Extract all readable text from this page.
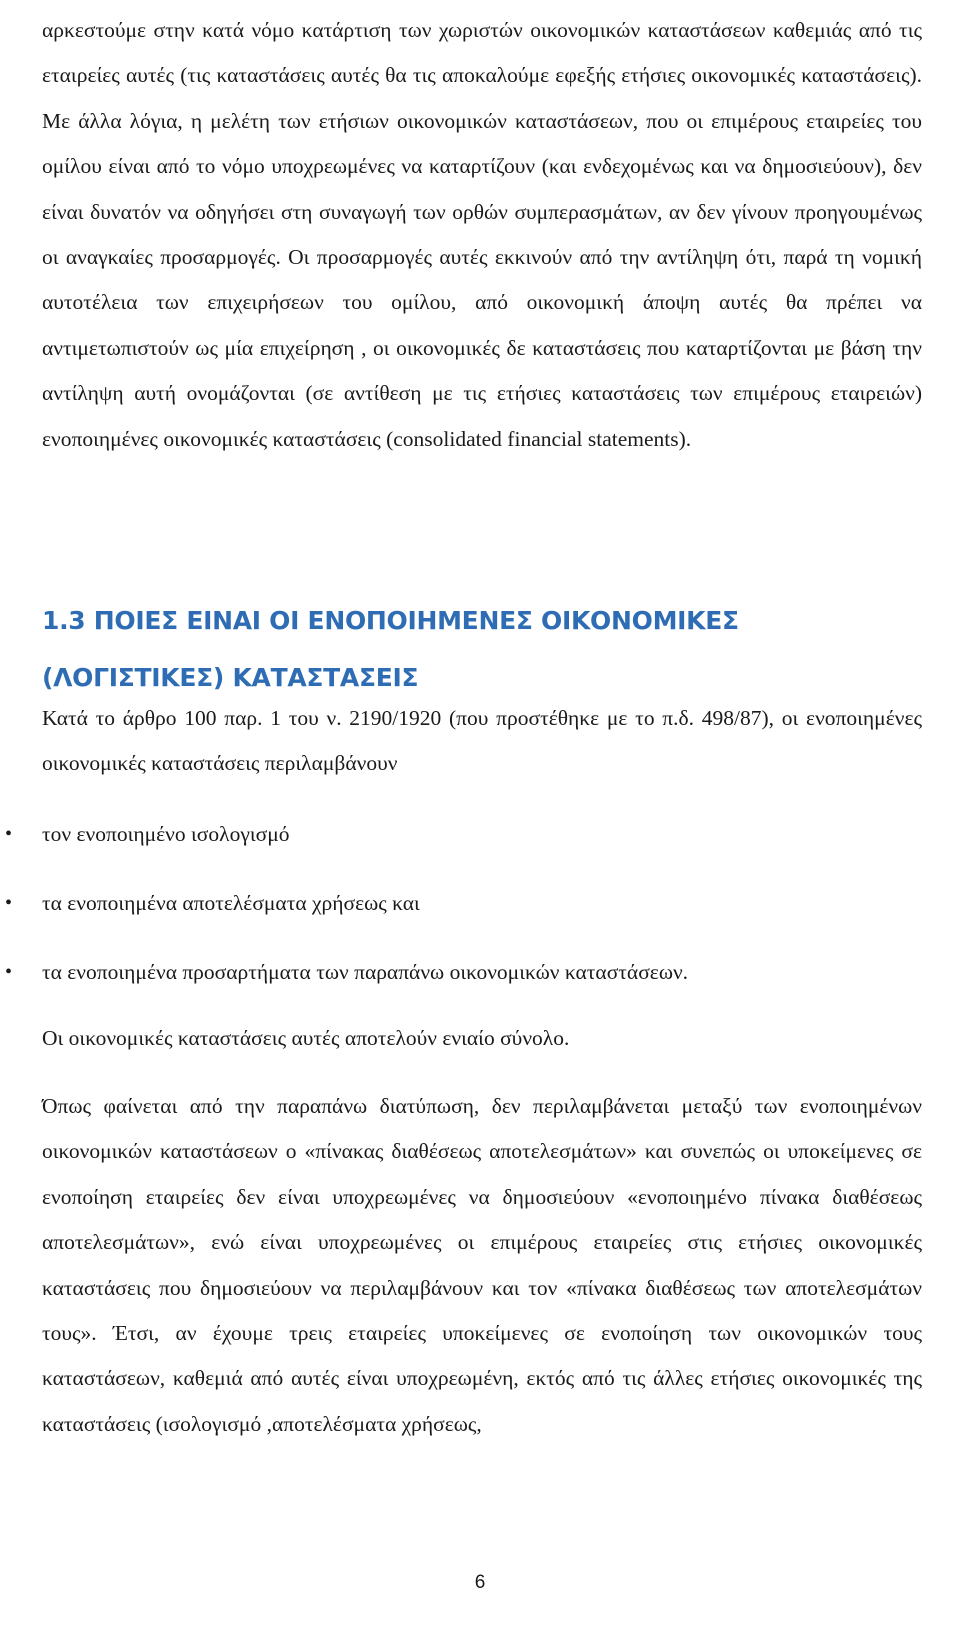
αρκεστούμε στην κατά νόμο κατάρτιση των χωριστών οικονομικών καταστάσεων καθεμιάς από τις εταιρείες αυτές (τις καταστάσεις αυτές θα τις αποκαλούμε εφεξής ετήσιες οικονομικές καταστάσεις). Με άλλα λόγια, η μελέτη των ετήσιων οικονομικών καταστάσεων, που οι επιμέρους εταιρείες του ομίλου είναι από το νόμο υποχρεωμένες να καταρτίζουν (και ενδεχομένως και να δημοσιεύουν), δεν είναι δυνατόν να οδηγήσει στη συναγωγή των ορθών συμπερασμάτων, αν δεν γίνουν προηγουμένως οι αναγκαίες προσαρμογές. Οι προσαρμογές αυτές εκκινούν από την αντίληψη ότι, παρά τη νομική αυτοτέλεια των επιχειρήσεων του ομίλου, από οικονομική άποψη αυτές θα πρέπει να αντιμετωπιστούν ως μία επιχείρηση , οι οικονομικές δε καταστάσεις που καταρτίζονται με βάση την αντίληψη αυτή ονομάζονται (σε αντίθεση με τις ετήσιες καταστάσεις των επιμέρους εταιρειών) ενοποιημένες οικονομικές καταστάσεις (consolidated financial statements).

1.3 ΠΟΙΕΣ ΕΙΝΑΙ ΟΙ ΕΝΟΠΟΙΗΜΕΝΕΣ ΟΙΚΟΝΟΜΙΚΕΣ
(ΛΟΓΙΣΤΙΚΕΣ) ΚΑΤΑΣΤΑΣΕΙΣ

Κατά το άρθρο 100 παρ. 1 του ν. 2190/1920 (που προστέθηκε με το π.δ. 498/87), οι ενοποιημένες οικονομικές καταστάσεις περιλαμβάνουν

• τον ενοποιημένο ισολογισμό
• τα ενοποιημένα αποτελέσματα χρήσεως και
• τα ενοποιημένα προσαρτήματα των παραπάνω οικονομικών καταστάσεων.

Οι οικονομικές καταστάσεις αυτές αποτελούν ενιαίο σύνολο.

Όπως φαίνεται από την παραπάνω διατύπωση, δεν περιλαμβάνεται μεταξύ των ενοποιημένων οικονομικών καταστάσεων ο «πίνακας διαθέσεως αποτελεσμάτων» και συνεπώς οι υποκείμενες σε ενοποίηση εταιρείες δεν είναι υποχρεωμένες να δημοσιεύουν «ενοποιημένο πίνακα διαθέσεως αποτελεσμάτων», ενώ είναι υποχρεωμένες οι επιμέρους εταιρείες στις ετήσιες οικονομικές καταστάσεις που δημοσιεύουν να περιλαμβάνουν και τον «πίνακα διαθέσεως των αποτελεσμάτων τους». Έτσι, αν έχουμε τρεις εταιρείες υποκείμενες σε ενοποίηση των οικονομικών τους καταστάσεων, καθεμιά από αυτές είναι υποχρεωμένη, εκτός από τις άλλες ετήσιες οικονομικές της καταστάσεις (ισολογισμό ,αποτελέσματα χρήσεως,

6
